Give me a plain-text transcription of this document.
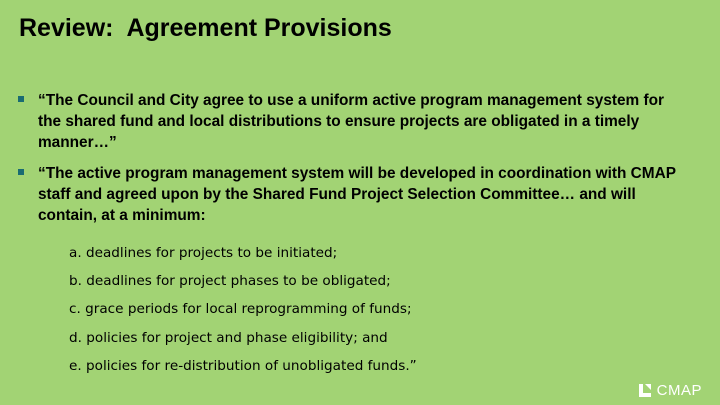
Review:  Agreement Provisions
“The Council and City agree to use a uniform active program management system for the shared fund and local distributions to ensure projects are obligated in a timely manner…”
“The active program management system will be developed in coordination with CMAP staff and agreed upon by the Shared Fund Project Selection Committee… and will contain, at a minimum:
a. deadlines for projects to be initiated;
b. deadlines for project phases to be obligated;
c. grace periods for local reprogramming of funds;
d. policies for project and phase eligibility; and
e. policies for re-distribution of unobligated funds.”
CMAP
